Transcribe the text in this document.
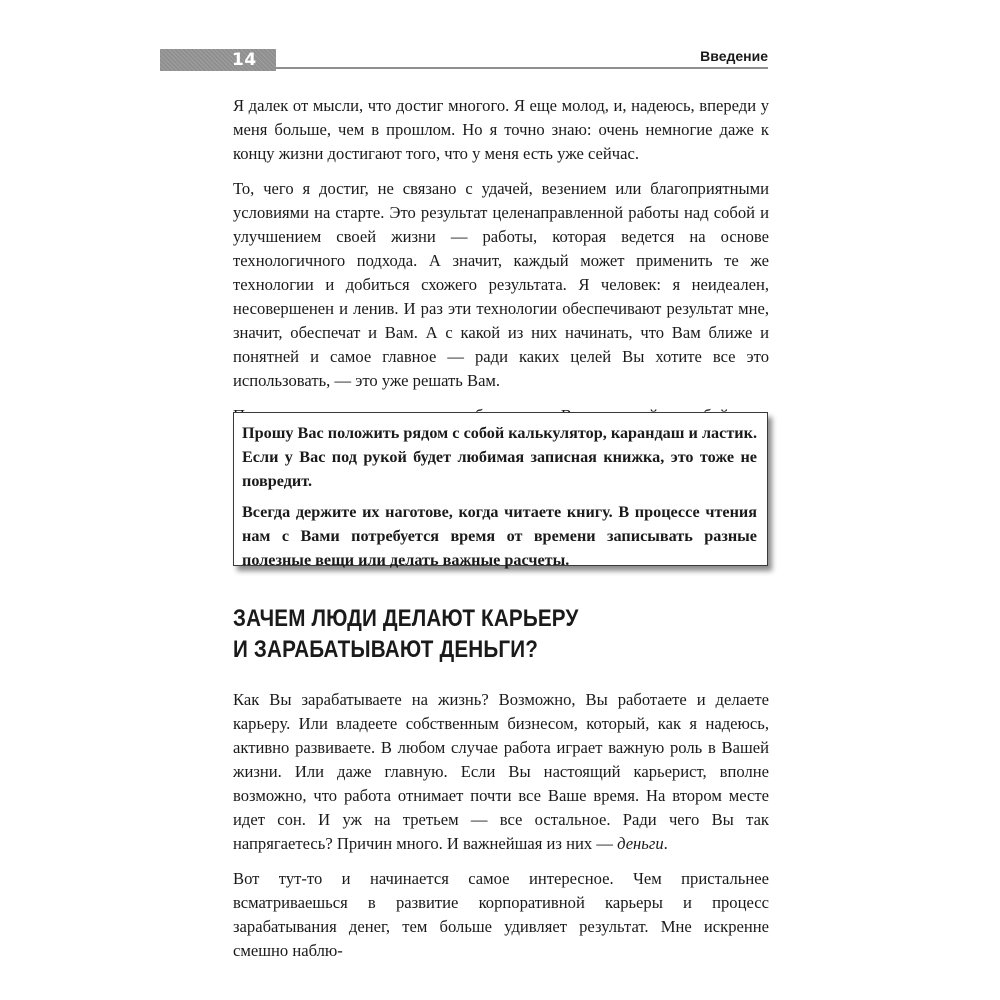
14	Введение

Я далек от мысли, что достиг многого. Я еще молод, и, надеюсь, впереди у меня больше, чем в прошлом. Но я точно знаю: очень немногие даже к концу жизни достигают того, что у меня есть уже сейчас.

То, чего я достиг, не связано с удачей, везением или благоприятными условиями на старте. Это результат целенаправленной работы над собой и улучшением своей жизни — работы, которая ведется на основе технологичного подхода. А значит, каждый может применить те же технологии и добиться схожего результата. Я человек: я неидеален, несовершенен и ленив. И раз эти технологии обеспечивают результат мне, значит, обеспечат и Вам. А с какой из них начинать, что Вам ближе и понятней и самое главное — ради каких целей Вы хотите все это использовать, — это уже решать Вам.

Прошу Вас положить рядом с собой калькулятор, карандаш и ластик. Если у Вас под рукой будет любимая записная книжка, это тоже не повредит.

Всегда держите их наготове, когда читаете книгу. В процессе чтения нам с Вами потребуется время от времени записывать разные полезные вещи или делать важные расчеты.

ЗАЧЕМ ЛЮДИ ДЕЛАЮТ КАРЬЕРУ
И ЗАРАБАТЫВАЮТ ДЕНЬГИ?

Как Вы зарабатываете на жизнь? Возможно, Вы работаете и делаете карьеру. Или владеете собственным бизнесом, который, как я надеюсь, активно развиваете. В любом случае работа играет важную роль в Вашей жизни. Или даже главную. Если Вы настоящий карьерист, вполне возможно, что работа отнимает почти все Ваше время. На втором месте идет сон. И уж на третьем — все остальное. Ради чего Вы так напрягаетесь? Причин много. И важнейшая из них — деньги.

Вот тут-то и начинается самое интересное. Чем пристальнее всматриваешься в развитие корпоративной карьеры и процесс зарабатывания денег, тем больше удивляет результат. Мне искренне смешно наблю-
